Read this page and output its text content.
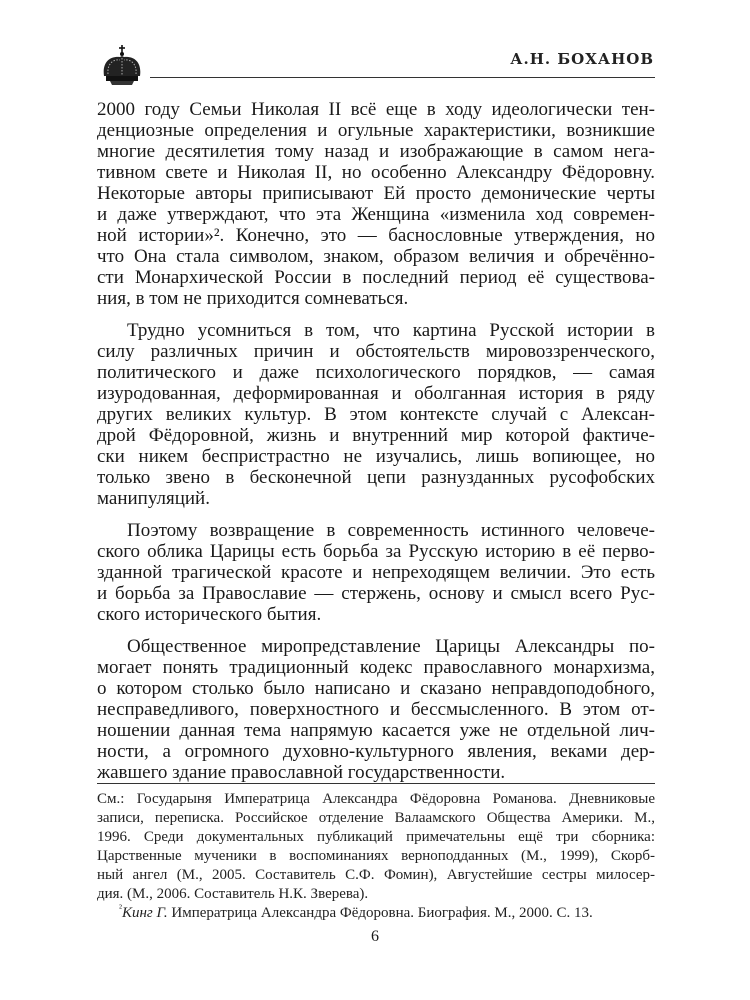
А.Н. БОХАНОВ
2000 году Семьи Николая II всё еще в ходу идеологически тен-
денциозные определения и огульные характеристики, возникшие
многие десятилетия тому назад и изображающие в самом нега-
тивном свете и Николая II, но особенно Александру Фёдоровну.
Некоторые авторы приписывают Ей просто демонические черты
и даже утверждают, что эта Женщина «изменила ход современ-
ной истории»². Конечно, это — баснословные утверждения, но
что Она стала символом, знаком, образом величия и обречённо-
сти Монархической России в последний период её существова-
ния, в том не приходится сомневаться.
Трудно усомниться в том, что картина Русской истории в
силу различных причин и обстоятельств мировоззренческого,
политического и даже психологического порядков, — самая
изуродованная, деформированная и оболганная история в ряду
других великих культур. В этом контексте случай с Алексан-
дрой Фёдоровной, жизнь и внутренний мир которой фактиче-
ски никем беспристрастно не изучались, лишь вопиющее, но
только звено в бесконечной цепи разнузданных русофобских
манипуляций.
Поэтому возвращение в современность истинного человече-
ского облика Царицы есть борьба за Русскую историю в её перво-
зданной трагической красоте и непреходящем величии. Это есть
и борьба за Православие — стержень, основу и смысл всего Рус-
ского исторического бытия.
Общественное миропредставление Царицы Александры по-
могает понять традиционный кодекс православного монархизма,
о котором столько было написано и сказано неправдоподобного,
несправедливого, поверхностного и бессмысленного. В этом от-
ношении данная тема напрямую касается уже не отдельной лич-
ности, а огромного духовно-культурного явления, веками дер-
жавшего здание православной государственности.
См.: Государыня Императрица Александра Фёдоровна Романова. Дневниковые
записи, переписка. Российское отделение Валаамского Общества Америки. М.,
1996. Среди документальных публикаций примечательны ещё три сборника:
Царственные мученики в воспоминаниях верноподданных (М., 1999), Скорб-
ный ангел (М., 2005. Составитель С.Ф. Фомин), Августейшие сестры милосер-
дия. (М., 2006. Составитель Н.К. Зверева).
$^{^2}$Кинг Г. Императрица Александра Фёдоровна. Биография. М., 2000. С. 13.
6
